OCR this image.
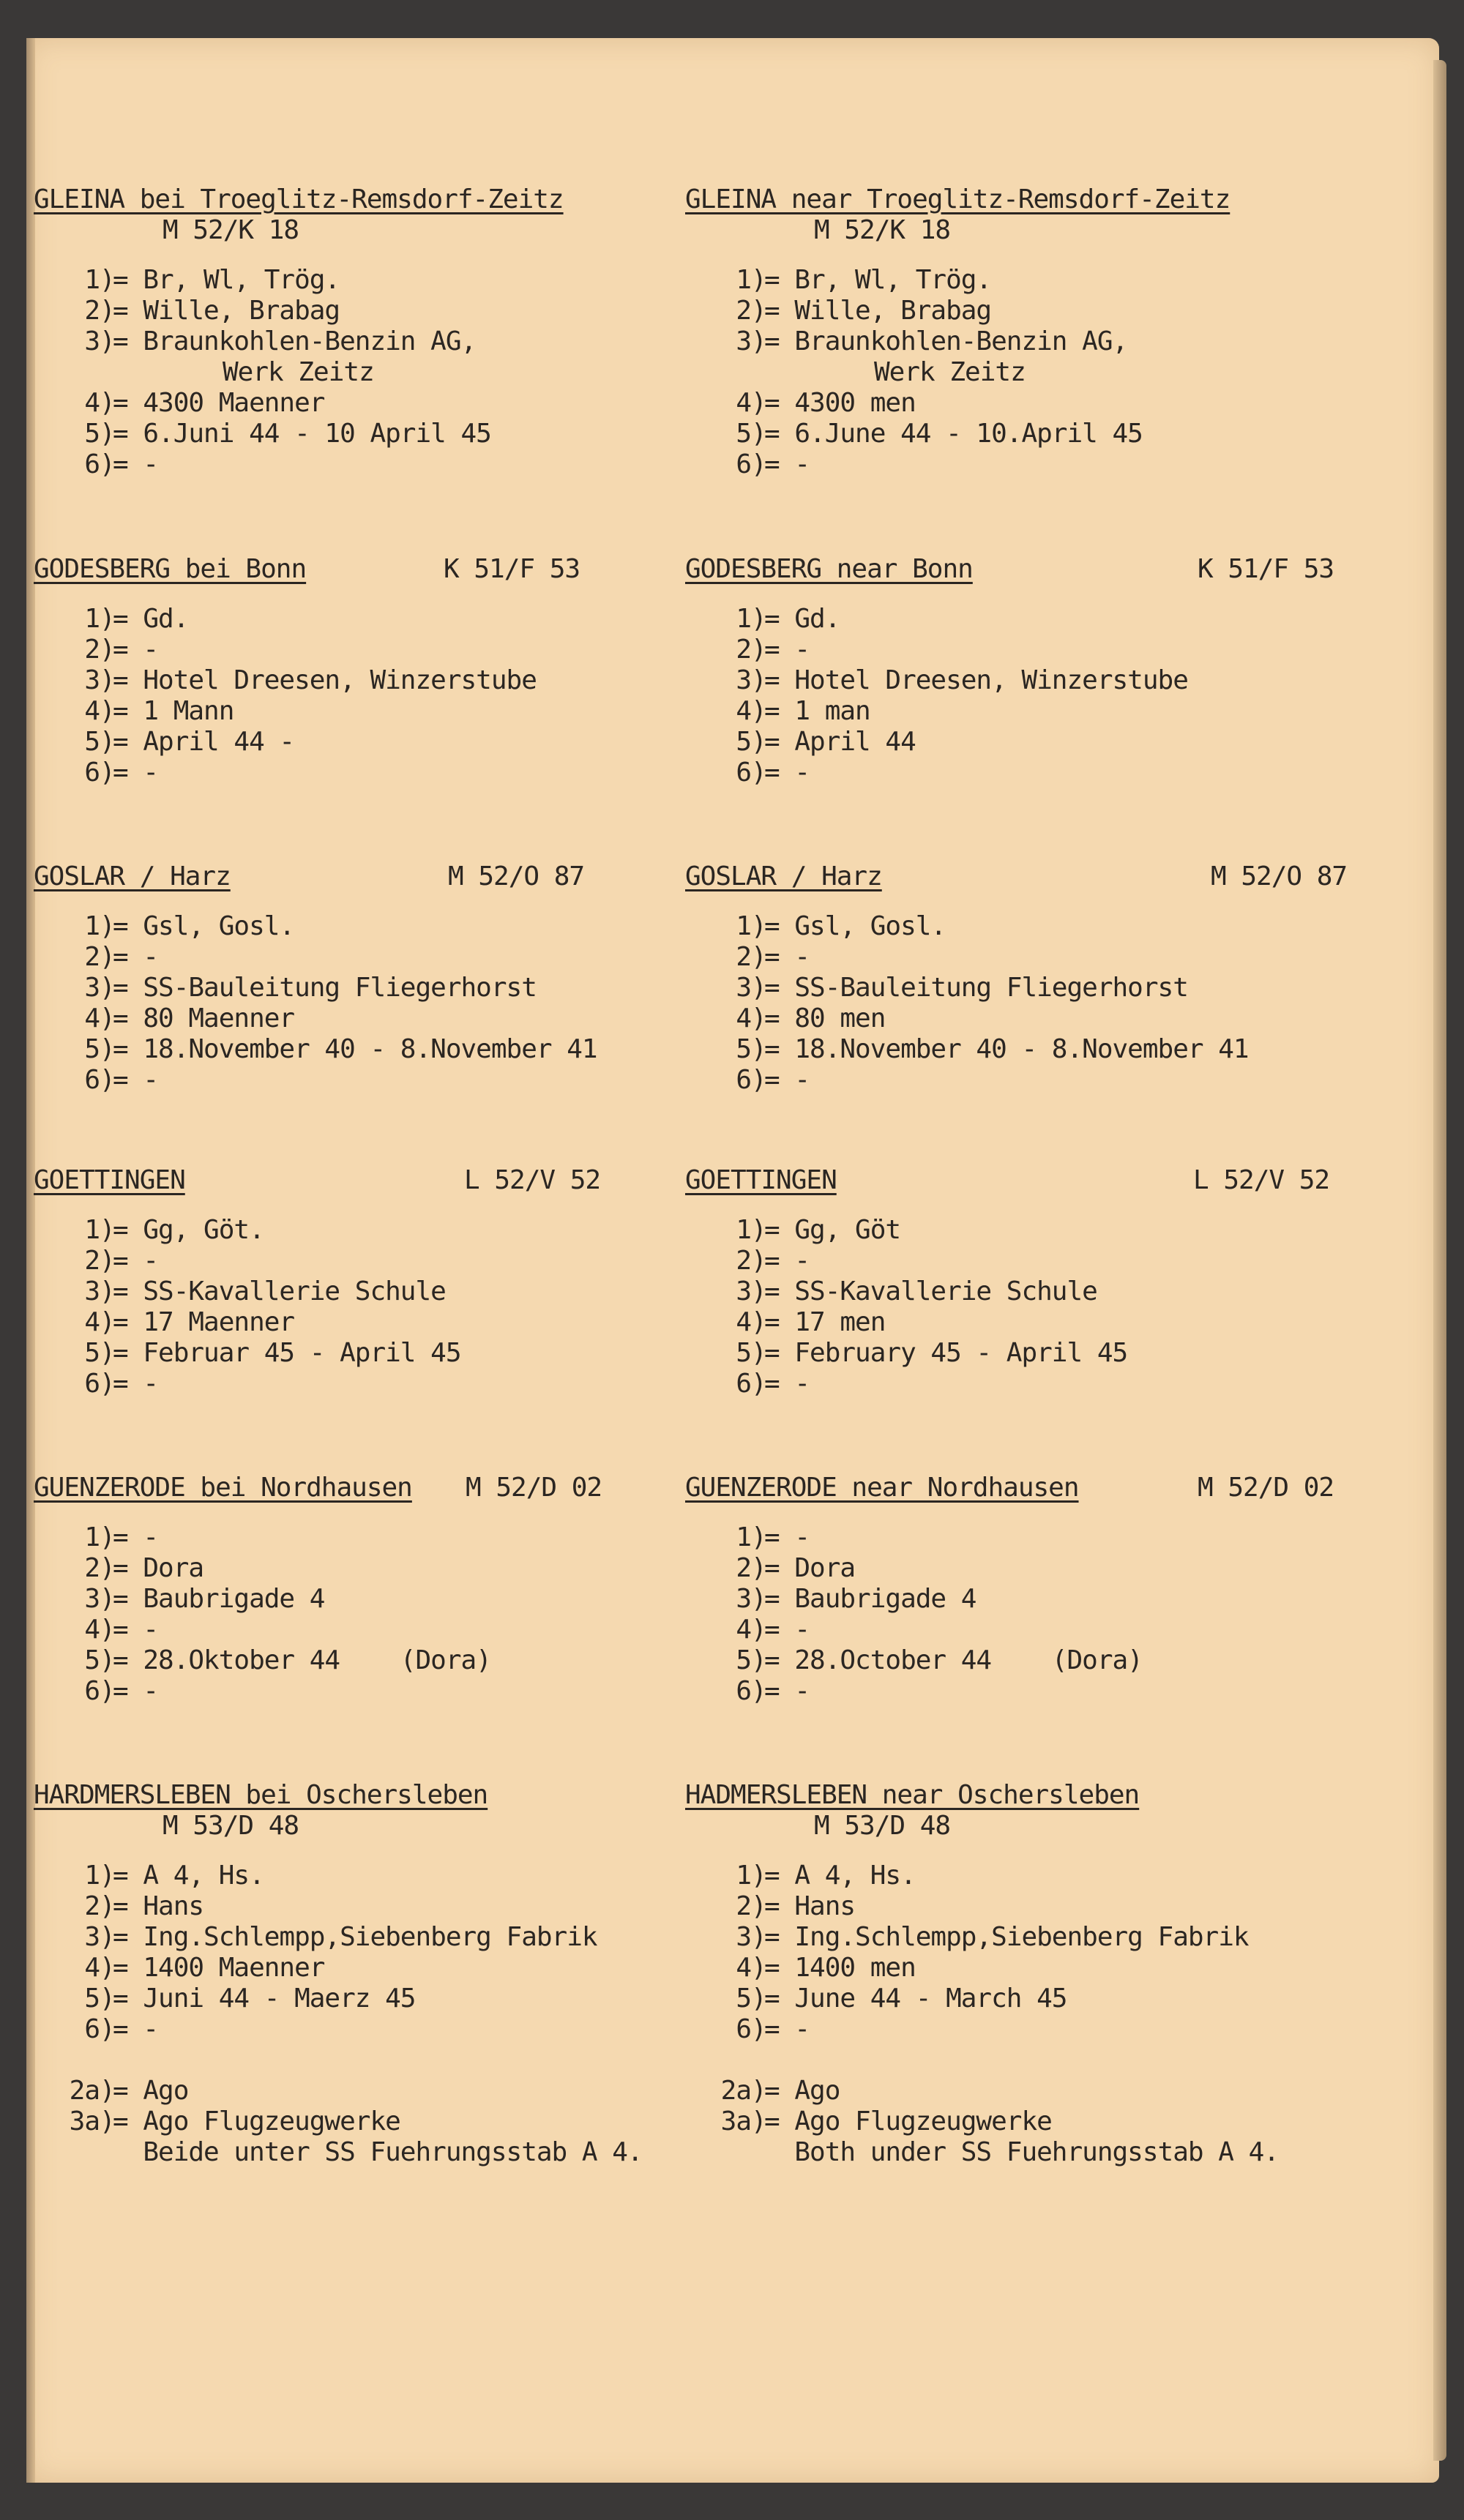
GLEINA bei Troeglitz-Remsdorf-Zeitz
M 52/K 18
1)= Br, Wl, Trög.
2)= Wille, Brabag
3)= Braunkohlen-Benzin AG,
Werk Zeitz
4)= 4300 Maenner
5)= 6.Juni 44 - 10 April 45
6)= -
GODESBERG bei Bonn	K 51/F 53
1)= Gd.
2)= -
3)= Hotel Dreesen, Winzerstube
4)= 1 Mann
5)= April 44 -
6)= -
GOSLAR / Harz	M 52/O 87
1)= Gsl, Gosl.
2)= -
3)= SS-Bauleitung Fliegerhorst
4)= 80 Maenner
5)= 18.November 40 - 8.November 41
6)= -
GOETTINGEN	L 52/V 52
1)= Gg, Göt.
2)= -
3)= SS-Kavallerie Schule
4)= 17 Maenner
5)= Februar 45 - April 45
6)= -
GUENZERODE bei Nordhausen M 52/D 02
1)= -
2)= Dora
3)= Baubrigade 4
4)= -
5)= 28.Oktober 44    (Dora)
6)= -
HARDMERSLEBEN bei Oschersleben
M 53/D 48
1)= A 4, Hs.
2)= Hans
3)= Ing.Schlempp,Siebenberg Fabrik
4)= 1400 Maenner
5)= Juni 44 - Maerz 45
6)= -
2a)= Ago
3a)= Ago Flugzeugwerke
Beide unter SS Fuehrungsstab A 4.
GLEINA near Troeglitz-Remsdorf-Zeitz
M 52/K 18
1)= Br, Wl, Trög.
2)= Wille, Brabag
3)= Braunkohlen-Benzin AG,
Werk Zeitz
4)= 4300 men
5)= 6.June 44 - 10.April 45
6)= -
GODESBERG near Bonn	K 51/F 53
1)= Gd.
2)= -
3)= Hotel Dreesen, Winzerstube
4)= 1 man
5)= April 44
6)= -
GOSLAR / Harz	M 52/O 87
1)= Gsl, Gosl.
2)= -
3)= SS-Bauleitung Fliegerhorst
4)= 80 men
5)= 18.November 40 - 8.November 41
6)= -
GOETTINGEN	L 52/V 52
1)= Gg, Göt
2)= -
3)= SS-Kavallerie Schule
4)= 17 men
5)= February 45 - April 45
6)= -
GUENZERODE near Nordhausen	M 52/D 02
1)= -
2)= Dora
3)= Baubrigade 4
4)= -
5)= 28.October 44    (Dora)
6)= -
HADMERSLEBEN near Oschersleben
M 53/D 48
1)= A 4, Hs.
2)= Hans
3)= Ing.Schlempp,Siebenberg Fabrik
4)= 1400 men
5)= June 44 - March 45
6)= -
2a)= Ago
3a)= Ago Flugzeugwerke
Both under SS Fuehrungsstab A 4.
